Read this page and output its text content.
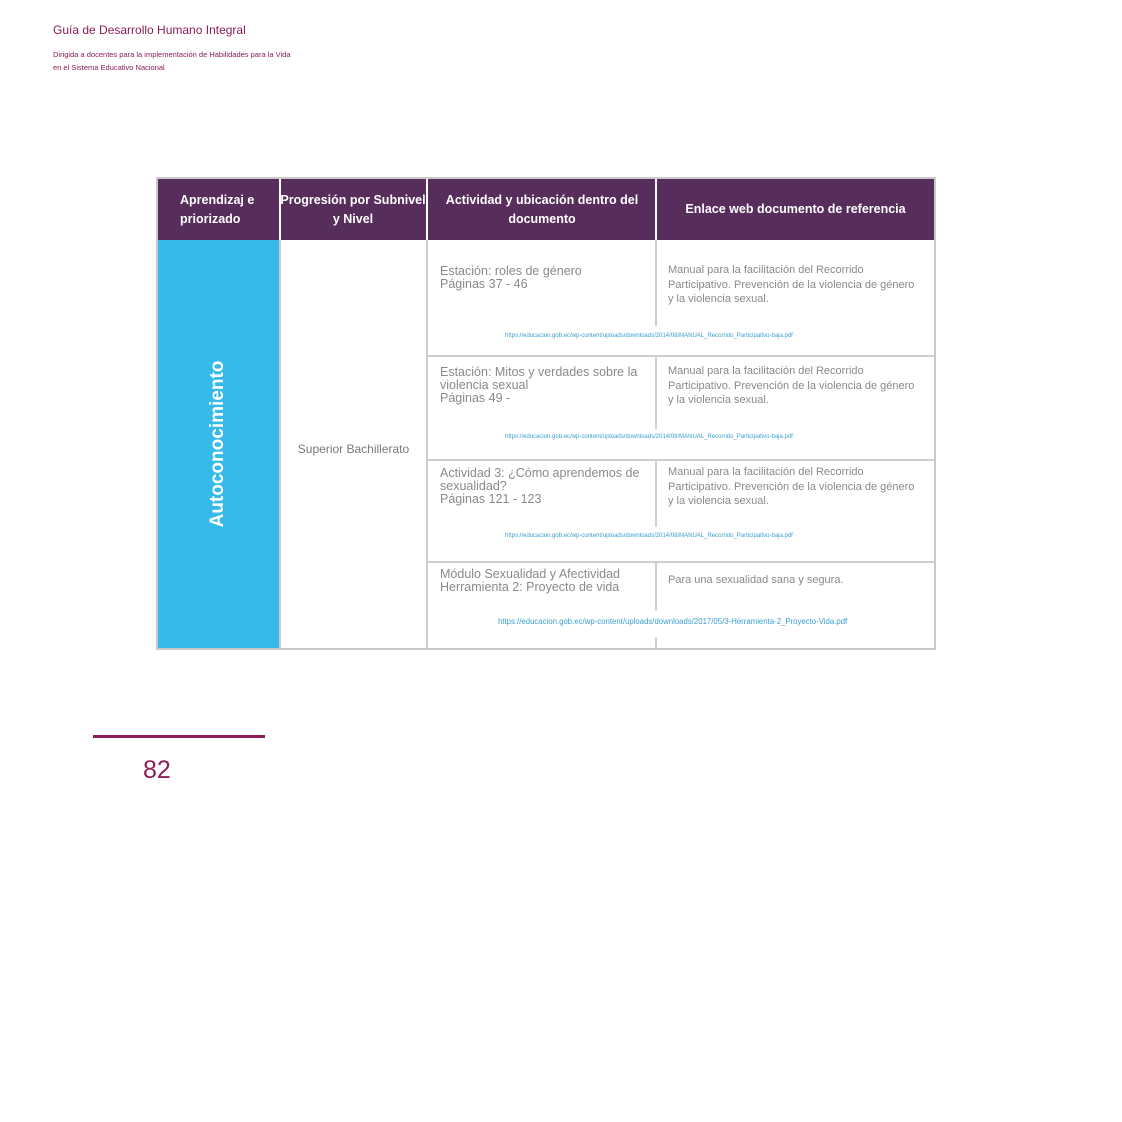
Guía de Desarrollo Humano Integral
Dirigida a docentes para la implementación de Habilidades para la Vida en el Sistema Educativo Nacional
Aprendizaj e priorizado
Progresión por Subnivel y Nivel
Actividad y ubicación dentro del documento
Enlace web documento de referencia
Autoconocimiento	Superior Bachillerato
Estación: roles de género
Páginas 37 - 46
Manual para la facilitación del Recorrido Participativo. Prevención de la violencia de género y la violencia sexual.
https://educacion.gob.ec/wp-content/uploads/downloads/2014/08/MANUAL_Recorrido_Participativo-baja.pdf
Estación: Mitos y verdades sobre la violencia sexual
Páginas 49 -
Manual para la facilitación del Recorrido Participativo. Prevención de la violencia de género y la violencia sexual.
https://educacion.gob.ec/wp-content/uploads/downloads/2014/08/MANUAL_Recorrido_Participativo-baja.pdf
Actividad 3: ¿Cómo aprendemos de sexualidad?
Páginas 121 - 123
Manual para la facilitación del Recorrido Participativo. Prevención de la violencia de género y la violencia sexual.
https://educacion.gob.ec/wp-content/uploads/downloads/2014/08/MANUAL_Recorrido_Participativo-baja.pdf
Módulo Sexualidad y Afectividad
Herramienta 2: Proyecto de vida	Para una sexualidad sana y segura.
https://educacion.gob.ec/wp-content/uploads/downloads/2017/05/3-Herramienta-2_Proyecto-Vida.pdf
82
